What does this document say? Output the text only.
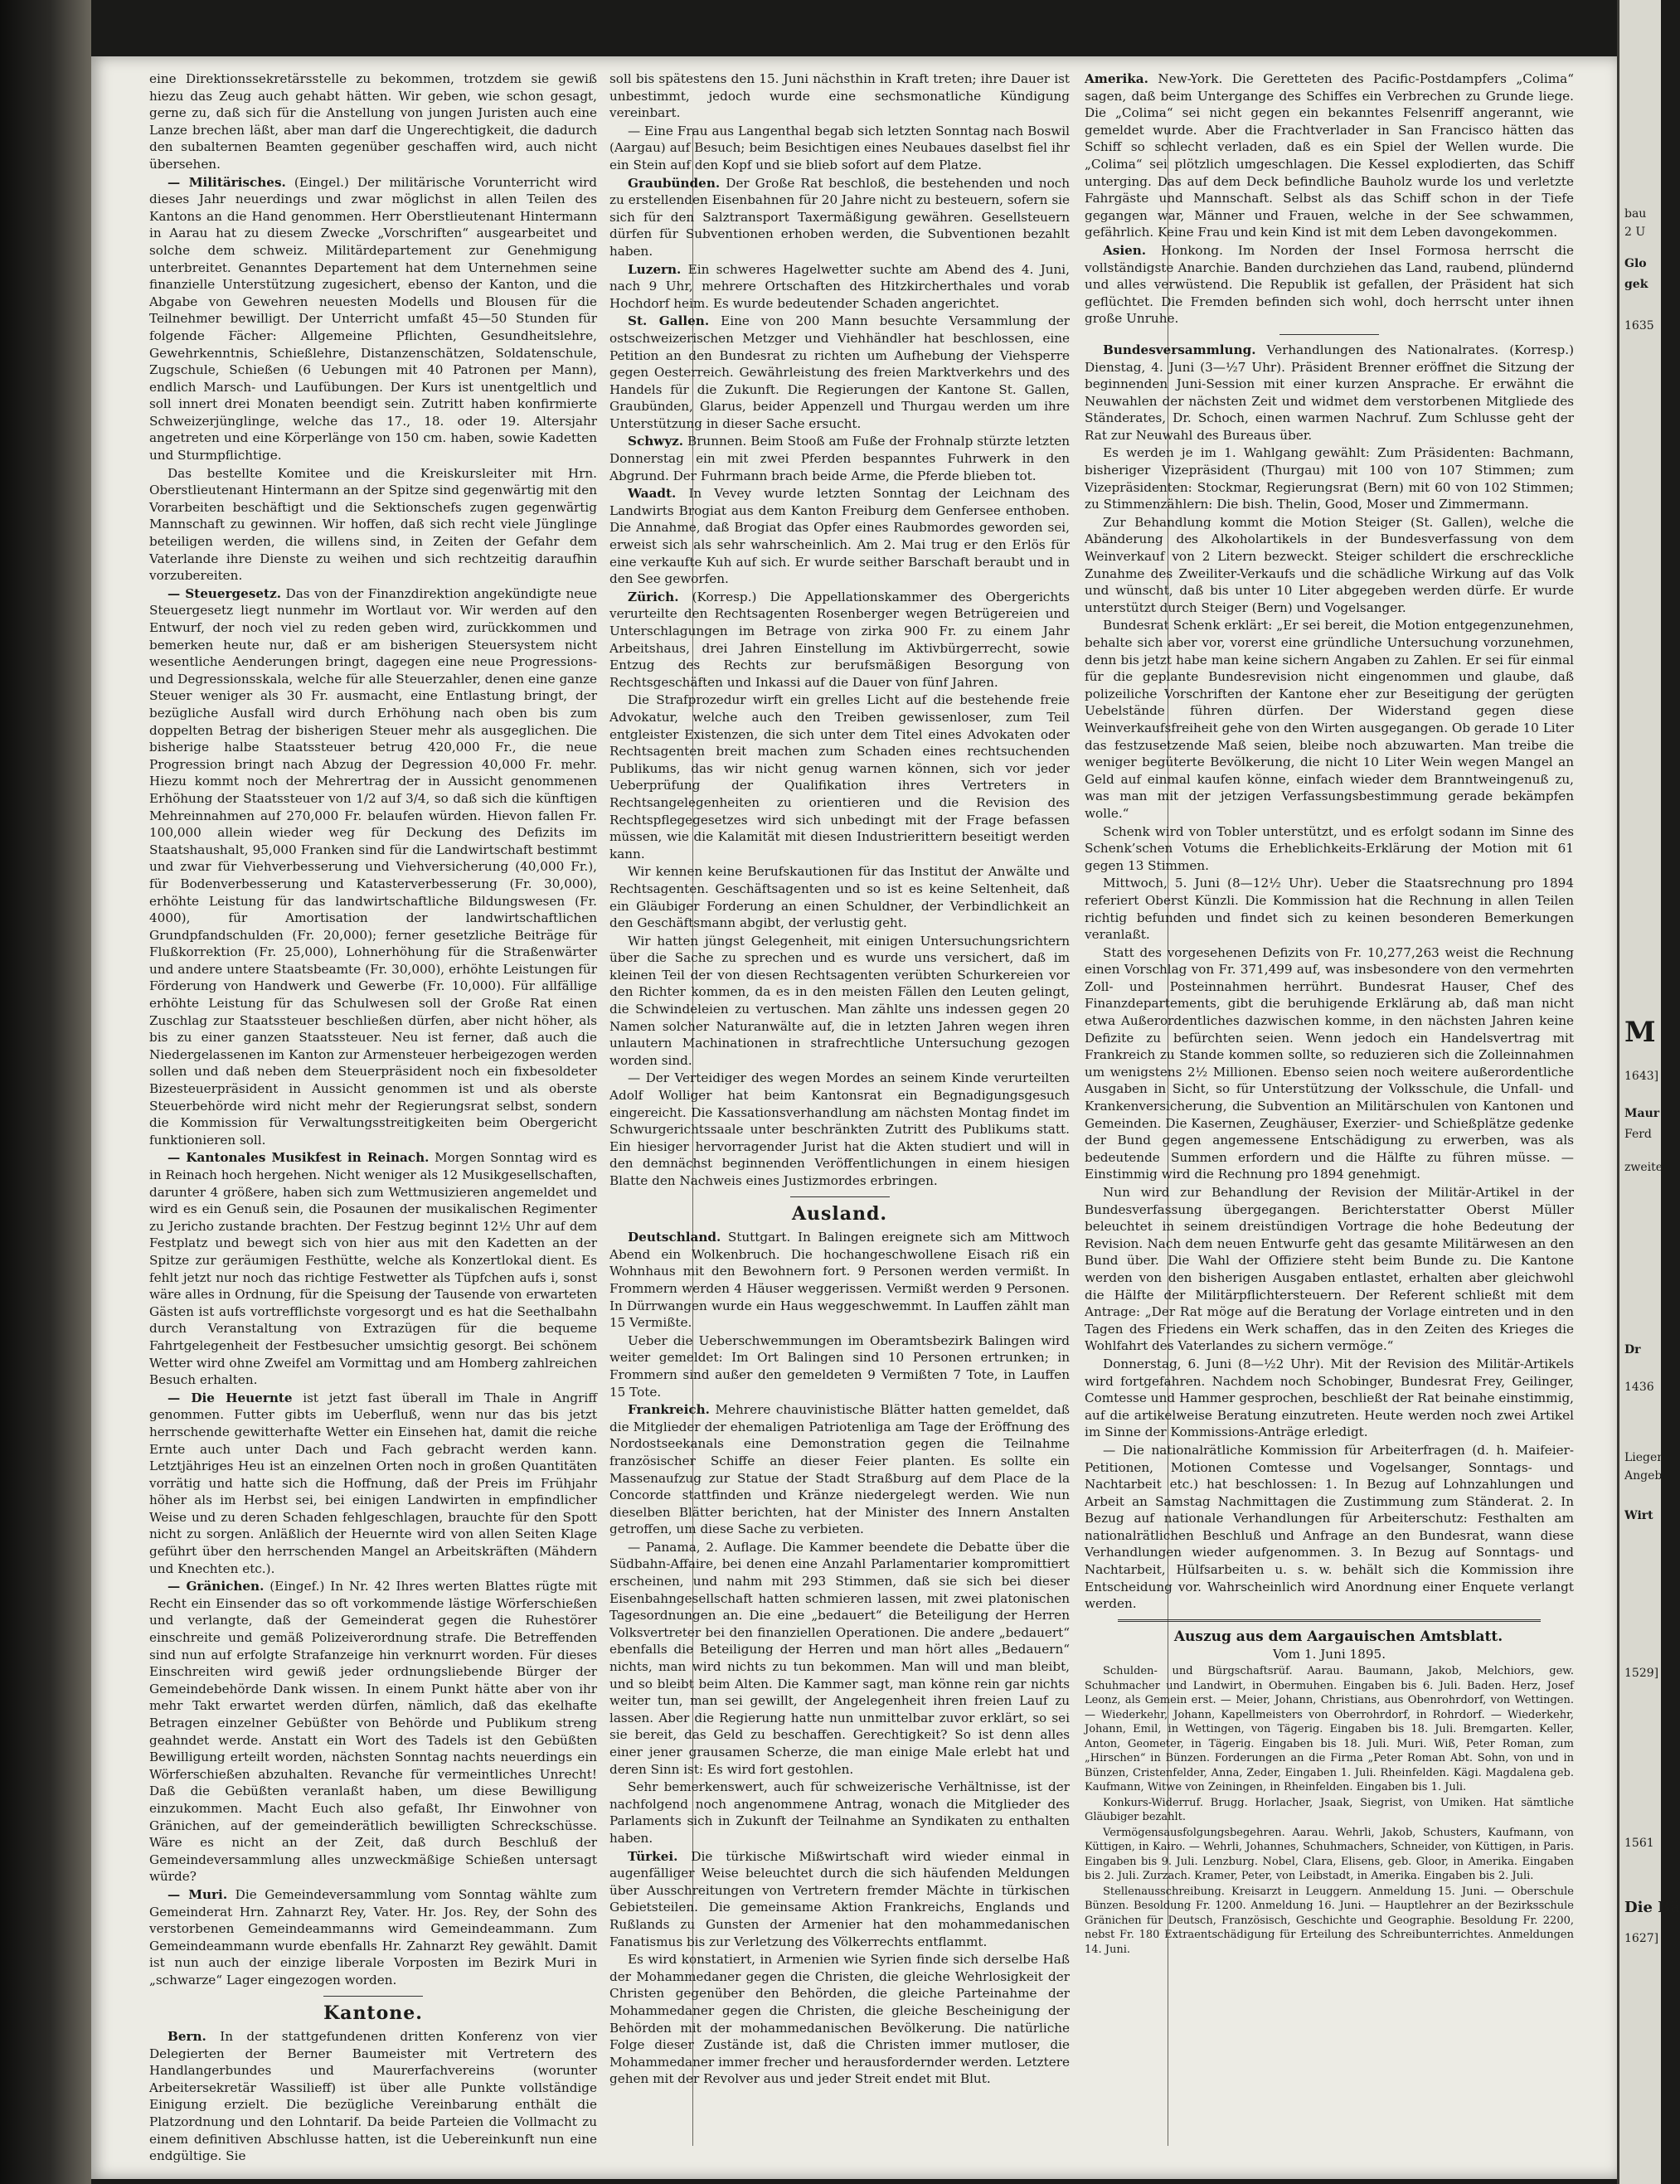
eine Direktionssekretärsstelle zu bekommen, trotzdem sie gewiß hiezu das Zeug auch gehabt hätten. Wir geben, wie schon gesagt, gerne zu, daß sich für die Anstellung von jungen Juristen auch eine Lanze brechen läßt, aber man darf die Ungerechtigkeit, die dadurch den subalternen Beamten gegenüber geschaffen wird, auch nicht übersehen.

— Militärisches. (Eingel.) Der militärische Vorunterricht wird dieses Jahr neuerdings und zwar möglichst in allen Teilen des Kantons an die Hand genommen. Herr Oberstlieutenant Hintermann in Aarau hat zu diesem Zwecke „Vorschriften“ ausgearbeitet und solche dem schweiz. Militärdepartement zur Genehmigung unterbreitet. Genanntes Departement hat dem Unternehmen seine finanzielle Unterstützung zugesichert, ebenso der Kanton, und die Abgabe von Gewehren neuesten Modells und Blousen für die Teilnehmer bewilligt. Der Unterricht umfaßt 45—50 Stunden für folgende Fächer: Allgemeine Pflichten, Gesundheitslehre, Gewehrkenntnis, Schießlehre, Distanzenschätzen, Soldatenschule, Zugschule, Schießen (6 Uebungen mit 40 Patronen per Mann), endlich Marsch- und Laufübungen. Der Kurs ist unentgeltlich und soll innert drei Monaten beendigt sein. Zutritt haben konfirmierte Schweizerjünglinge, welche das 17., 18. oder 19. Altersjahr angetreten und eine Körperlänge von 150 cm. haben, sowie Kadetten und Sturmpflichtige.

Das bestellte Komitee und die Kreiskursleiter mit Hrn. Oberstlieutenant Hintermann an der Spitze sind gegenwärtig mit den Vorarbeiten beschäftigt und die Sektionschefs zugen gegenwärtig Mannschaft zu gewinnen. Wir hoffen, daß sich recht viele Jünglinge beteiligen werden, die willens sind, in Zeiten der Gefahr dem Vaterlande ihre Dienste zu weihen und sich rechtzeitig daraufhin vorzubereiten.

— Steuergesetz. Das von der Finanzdirektion angekündigte neue Steuergesetz liegt nunmehr im Wortlaut vor. Wir werden auf den Entwurf, der noch viel zu reden geben wird, zurückkommen und bemerken heute nur, daß er am bisherigen Steuersystem nicht wesentliche Aenderungen bringt, dagegen eine neue Progressions- und Degressionsskala, welche für alle Steuerzahler, denen eine ganze Steuer weniger als 30 Fr. ausmacht, eine Entlastung bringt, der bezügliche Ausfall wird durch Erhöhung nach oben bis zum doppelten Betrag der bisherigen Steuer mehr als ausgeglichen. Die bisherige halbe Staatssteuer betrug 420,000 Fr., die neue Progression bringt nach Abzug der Degression 40,000 Fr. mehr. Hiezu kommt noch der Mehrertrag der in Aussicht genommenen Erhöhung der Staatssteuer von 1/2 auf 3/4, so daß sich die künftigen Mehreinnahmen auf 270,000 Fr. belaufen würden. Hievon fallen Fr. 100,000 allein wieder weg für Deckung des Defizits im Staatshaushalt, 95,000 Franken sind für die Landwirtschaft bestimmt und zwar für Viehverbesserung und Viehversicherung (40,000 Fr.), für Bodenverbesserung und Katasterverbesserung (Fr. 30,000), erhöhte Leistung für das landwirtschaftliche Bildungswesen (Fr. 4000), für Amortisation der landwirtschaftlichen Grundpfandschulden (Fr. 20,000); ferner gesetzliche Beiträge für Flußkorrektion (Fr. 25,000), Lohnerhöhung für die Straßenwärter und andere untere Staatsbeamte (Fr. 30,000), erhöhte Leistungen für Förderung von Handwerk und Gewerbe (Fr. 10,000). Für allfällige erhöhte Leistung für das Schulwesen soll der Große Rat einen Zuschlag zur Staatssteuer beschließen dürfen, aber nicht höher, als bis zu einer ganzen Staatssteuer. Neu ist ferner, daß auch die Niedergelassenen im Kanton zur Armensteuer herbeigezogen werden sollen und daß neben dem Steuerpräsident noch ein fixbesoldeter Bizesteuerpräsident in Aussicht genommen ist und als oberste Steuerbehörde wird nicht mehr der Regierungsrat selbst, sondern die Kommission für Verwaltungsstreitigkeiten beim Obergericht funktionieren soll.

— Kantonales Musikfest in Reinach. Morgen Sonntag wird es in Reinach hoch hergehen. Nicht weniger als 12 Musikgesellschaften, darunter 4 größere, haben sich zum Wettmusizieren angemeldet und wird es ein Genuß sein, die Posaunen der musikalischen Regimenter zu Jericho zustande brachten. Der Festzug beginnt 12½ Uhr auf dem Festplatz und bewegt sich von hier aus mit den Kadetten an der Spitze zur geräumigen Festhütte, welche als Konzertlokal dient. Es fehlt jetzt nur noch das richtige Festwetter als Tüpfchen aufs i, sonst wäre alles in Ordnung, für die Speisung der Tausende von erwarteten Gästen ist aufs vortrefflichste vorgesorgt und es hat die Seethalbahn durch Veranstaltung von Extrazügen für die bequeme Fahrtgelegenheit der Festbesucher umsichtig gesorgt. Bei schönem Wetter wird ohne Zweifel am Vormittag und am Homberg zahlreichen Besuch erhalten.

— Die Heuernte ist jetzt fast überall im Thale in Angriff genommen. Futter gibts im Ueberfluß, wenn nur das bis jetzt herrschende gewitterhafte Wetter ein Einsehen hat, damit die reiche Ernte auch unter Dach und Fach gebracht werden kann. Letztjähriges Heu ist an einzelnen Orten noch in großen Quantitäten vorrätig und hatte sich die Hoffnung, daß der Preis im Frühjahr höher als im Herbst sei, bei einigen Landwirten in empfindlicher Weise und zu deren Schaden fehlgeschlagen, brauchte für den Spott nicht zu sorgen. Anläßlich der Heuernte wird von allen Seiten Klage geführt über den herrschenden Mangel an Arbeitskräften (Mähdern und Knechten etc.).

— Gränichen. (Eingef.) In Nr. 42 Ihres werten Blattes rügte mit Recht ein Einsender das so oft vorkommende lästige Wörferschießen und verlangte, daß der Gemeinderat gegen die Ruhestörer einschreite und gemäß Polizeiverordnung strafe. Die Betreffenden sind nun auf erfolgte Strafanzeige hin verknurrt worden. Für dieses Einschreiten wird gewiß jeder ordnungsliebende Bürger der Gemeindebehörde Dank wissen. In einem Punkt hätte aber von ihr mehr Takt erwartet werden dürfen, nämlich, daß das ekelhafte Betragen einzelner Gebüßter von Behörde und Publikum streng geahndet werde. Anstatt ein Wort des Tadels ist den Gebüßten Bewilligung erteilt worden, nächsten Sonntag nachts neuerdings ein Wörferschießen abzuhalten. Revanche für vermeintliches Unrecht! Daß die Gebüßten veranlaßt haben, um diese Bewilligung einzukommen. Macht Euch also gefaßt, Ihr Einwohner von Gränichen, auf der gemeinderätlich bewilligten Schreckschüsse. Wäre es nicht an der Zeit, daß durch Beschluß der Gemeindeversammlung alles unzweckmäßige Schießen untersagt würde?

— Muri. Die Gemeindeversammlung vom Sonntag wählte zum Gemeinderat Hrn. Zahnarzt Rey, Vater. Hr. Jos. Rey, der Sohn des verstorbenen Gemeindeammanns wird Gemeindeammann. Zum Gemeindeammann wurde ebenfalls Hr. Zahnarzt Rey gewählt. Damit ist nun auch der einzige liberale Vorposten im Bezirk Muri in „schwarze“ Lager eingezogen worden.

Kantone.

Bern. In der stattgefundenen dritten Konferenz von vier Delegierten der Berner Baumeister mit Vertretern des Handlangerbundes und Maurerfachvereins (worunter Arbeitersekretär Wassilieff) ist über alle Punkte vollständige Einigung erzielt. Die bezügliche Vereinbarung enthält die Platzordnung und den Lohntarif. Da beide Parteien die Vollmacht zu einem definitiven Abschlusse hatten, ist die Uebereinkunft nun eine endgültige. Sie

soll bis spätestens den 15. Juni nächsthin in Kraft treten; ihre Dauer ist unbestimmt, jedoch wurde eine sechsmonatliche Kündigung vereinbart.

— Eine Frau aus Langenthal begab sich letzten Sonntag nach Boswil (Aargau) auf Besuch; beim Besichtigen eines Neubaues daselbst fiel ihr ein Stein auf den Kopf und sie blieb sofort auf dem Platze.

Graubünden. Der Große Rat beschloß, die bestehenden und noch zu erstellenden Eisenbahnen für 20 Jahre nicht zu besteuern, sofern sie sich für den Salztransport Taxermäßigung gewähren. Gesellsteuern dürfen für Subventionen erhoben werden, die Subventionen bezahlt haben.

Luzern. Ein schweres Hagelwetter suchte am Abend des 4. Juni, nach 9 Uhr, mehrere Ortschaften des Hitzkircherthales und vorab Hochdorf heim. Es wurde bedeutender Schaden angerichtet.

St. Gallen. Eine von 200 Mann besuchte Versammlung der ostschweizerischen Metzger und Viehhändler hat beschlossen, eine Petition an den Bundesrat zu richten um Aufhebung der Viehsperre gegen Oesterreich. Gewährleistung des freien Marktverkehrs und des Handels für die Zukunft. Die Regierungen der Kantone St. Gallen, Graubünden, Glarus, beider Appenzell und Thurgau werden um ihre Unterstützung in dieser Sache ersucht.

Schwyz. Brunnen. Beim Stooß am Fuße der Frohnalp stürzte letzten Donnerstag ein mit zwei Pferden bespanntes Fuhrwerk in den Abgrund. Der Fuhrmann brach beide Arme, die Pferde blieben tot.

Waadt. In Vevey wurde letzten Sonntag der Leichnam des Landwirts Brogiat aus dem Kanton Freiburg dem Genfersee enthoben. Die Annahme, daß Brogiat das Opfer eines Raubmordes geworden sei, erweist sich als sehr wahrscheinlich. Am 2. Mai trug er den Erlös für eine verkaufte Kuh auf sich. Er wurde seither Barschaft beraubt und in den See geworfen.

Zürich. (Korresp.) Die Appellationskammer des Obergerichts verurteilte den Rechtsagenten Rosenberger wegen Betrügereien und Unterschlagungen im Betrage von zirka 900 Fr. zu einem Jahr Arbeitshaus, drei Jahren Einstellung im Aktivbürgerrecht, sowie Entzug des Rechts zur berufsmäßigen Besorgung von Rechtsgeschäften und Inkassi auf die Dauer von fünf Jahren.

Die Strafprozedur wirft ein grelles Licht auf die bestehende freie Advokatur, welche auch den Treiben gewissenloser, zum Teil entgleister Existenzen, die sich unter dem Titel eines Advokaten oder Rechtsagenten breit machen zum Schaden eines rechtsuchenden Publikums, das wir nicht genug warnen können, sich vor jeder Ueberprüfung der Qualifikation ihres Vertreters in Rechtsangelegenheiten zu orientieren und die Revision des Rechtspflegegesetzes wird sich unbedingt mit der Frage befassen müssen, wie die Kalamität mit diesen Industrierittern beseitigt werden kann.

Wir kennen keine Berufskautionen für das Institut der Anwälte und Rechtsagenten. Geschäftsagenten und so ist es keine Seltenheit, daß ein Gläubiger Forderung an einen Schuldner, der Verbindlichkeit an den Geschäftsmann abgibt, der verlustig geht.

Wir hatten jüngst Gelegenheit, mit einigen Untersuchungsrichtern über die Sache zu sprechen und es wurde uns versichert, daß im kleinen Teil der von diesen Rechtsagenten verübten Schurkereien vor den Richter kommen, da es in den meisten Fällen den Leuten gelingt, die Schwindeleien zu vertuschen. Man zählte uns indessen gegen 20 Namen solcher Naturanwälte auf, die in letzten Jahren wegen ihren unlautern Machinationen in strafrechtliche Untersuchung gezogen worden sind.

— Der Verteidiger des wegen Mordes an seinem Kinde verurteilten Adolf Wolliger hat beim Kantonsrat ein Begnadigungsgesuch eingereicht. Die Kassationsverhandlung am nächsten Montag findet im Schwurgerichtssaale unter beschränkten Zutritt des Publikums statt. Ein hiesiger hervorragender Jurist hat die Akten studiert und will in den demnächst beginnenden Veröffentlichungen in einem hiesigen Blatte den Nachweis eines Justizmordes erbringen.

Ausland.

Deutschland. Stuttgart. In Balingen ereignete sich am Mittwoch Abend ein Wolkenbruch. Die hochangeschwollene Eisach riß ein Wohnhaus mit den Bewohnern fort. 9 Personen werden vermißt. In Frommern werden 4 Häuser weggerissen. Vermißt werden 9 Personen. In Dürrwangen wurde ein Haus weggeschwemmt. In Lauffen zählt man 15 Vermißte.

Ueber die Ueberschwemmungen im Oberamtsbezirk Balingen wird weiter gemeldet: Im Ort Balingen sind 10 Personen ertrunken; in Frommern sind außer den gemeldeten 9 Vermißten 7 Tote, in Lauffen 15 Tote.

Frankreich. Mehrere chauvinistische Blätter hatten gemeldet, daß die Mitglieder der ehemaligen Patriotenliga am Tage der Eröffnung des Nordostseekanals eine Demonstration gegen die Teilnahme französischer Schiffe an dieser Feier planten. Es sollte ein Massenaufzug zur Statue der Stadt Straßburg auf dem Place de la Concorde stattfinden und Kränze niedergelegt werden. Wie nun dieselben Blätter berichten, hat der Minister des Innern Anstalten getroffen, um diese Sache zu verbieten.

— Panama, 2. Auflage. Die Kammer beendete die Debatte über die Südbahn-Affaire, bei denen eine Anzahl Parlamentarier kompromittiert erscheinen, und nahm mit 293 Stimmen, daß sie sich bei dieser Eisenbahngesellschaft hatten schmieren lassen, mit zwei platonischen Tagesordnungen an. Die eine „bedauert“ die Beteiligung der Herren Volksvertreter bei den finanziellen Operationen. Die andere „bedauert“ ebenfalls die Beteiligung der Herren und man hört alles „Bedauern“ nichts, man wird nichts zu tun bekommen. Man will und man bleibt, und so bleibt beim Alten. Die Kammer sagt, man könne rein gar nichts weiter tun, man sei gewillt, der Angelegenheit ihren freien Lauf zu lassen. Aber die Regierung hatte nun unmittelbar zuvor erklärt, so sei sie bereit, das Geld zu beschaffen. Gerechtigkeit? So ist denn alles einer jener grausamen Scherze, die man einige Male erlebt hat und deren Sinn ist: Es wird fort gestohlen.

Sehr bemerkenswert, auch für schweizerische Verhältnisse, ist der nachfolgend noch angenommene Antrag, wonach die Mitglieder des Parlaments sich in Zukunft der Teilnahme an Syndikaten zu enthalten haben.

Türkei. Die türkische Mißwirtschaft wird wieder einmal in augenfälliger Weise beleuchtet durch die sich häufenden Meldungen über Ausschreitungen von Vertretern fremder Mächte in türkischen Gebietsteilen. Die gemeinsame Aktion Frankreichs, Englands und Rußlands zu Gunsten der Armenier hat den mohammedanischen Fanatismus bis zur Verletzung des Völkerrechts entflammt.

Es wird konstatiert, in Armenien wie Syrien finde sich derselbe Haß der Mohammedaner gegen die Christen, die gleiche Wehrlosigkeit der Christen gegenüber den Behörden, die gleiche Parteinahme der Mohammedaner gegen die Christen, die gleiche Bescheinigung der Behörden mit der mohammedanischen Bevölkerung. Die natürliche Folge dieser Zustände ist, daß die Christen immer mutloser, die Mohammedaner immer frecher und herausfordernder werden. Letztere gehen mit der Revolver aus und jeder Streit endet mit Blut.

Amerika. New-York. Die Geretteten des Pacific-Postdampfers „Colima“ sagen, daß beim Untergange des Schiffes ein Verbrechen zu Grunde liege. Die „Colima“ sei nicht gegen ein bekanntes Felsenriff angerannt, wie gemeldet wurde. Aber die Frachtverlader in San Francisco hätten das Schiff so schlecht verladen, daß es ein Spiel der Wellen wurde. Die „Colima“ sei plötzlich umgeschlagen. Die Kessel explodierten, das Schiff unterging. Das auf dem Deck befindliche Bauholz wurde los und verletzte Fahrgäste und Mannschaft. Selbst als das Schiff schon in der Tiefe gegangen war, Männer und Frauen, welche in der See schwammen, gefährlich. Keine Frau und kein Kind ist mit dem Leben davongekommen.

Asien. Honkong. Im Norden der Insel Formosa herrscht die vollständigste Anarchie. Banden durchziehen das Land, raubend, plündernd und alles verwüstend. Die Republik ist gefallen, der Präsident hat sich geflüchtet. Die Fremden befinden sich wohl, doch herrscht unter ihnen große Unruhe.

Bundesversammlung. Verhandlungen des Nationalrates. (Korresp.) Dienstag, 4. Juni (3—½7 Uhr). Präsident Brenner eröffnet die Sitzung der beginnenden Juni-Session mit einer kurzen Ansprache. Er erwähnt die Neuwahlen der nächsten Zeit und widmet dem verstorbenen Mitgliede des Ständerates, Dr. Schoch, einen warmen Nachruf. Zum Schlusse geht der Rat zur Neuwahl des Bureaus über.

Es werden je im 1. Wahlgang gewählt: Zum Präsidenten: Bachmann, bisheriger Vizepräsident (Thurgau) mit 100 von 107 Stimmen; zum Vizepräsidenten: Stockmar, Regierungsrat (Bern) mit 60 von 102 Stimmen; zu Stimmenzählern: Die bish. Thelin, Good, Moser und Zimmermann.

Zur Behandlung kommt die Motion Steiger (St. Gallen), welche die Abänderung des Alkoholartikels in der Bundesverfassung von dem Weinverkauf von 2 Litern bezweckt. Steiger schildert die erschreckliche Zunahme des Zweiliter-Verkaufs und die schädliche Wirkung auf das Volk und wünscht, daß bis unter 10 Liter abgegeben werden dürfe. Er wurde unterstützt durch Steiger (Bern) und Vogelsanger.

Bundesrat Schenk erklärt: „Er sei bereit, die Motion entgegenzunehmen, behalte sich aber vor, vorerst eine gründliche Untersuchung vorzunehmen, denn bis jetzt habe man keine sichern Angaben zu Zahlen. Er sei für einmal für die geplante Bundesrevision nicht eingenommen und glaube, daß polizeiliche Vorschriften der Kantone eher zur Beseitigung der gerügten Uebelstände führen dürfen. Der Widerstand gegen diese Weinverkaufsfreiheit gehe von den Wirten ausgegangen. Ob gerade 10 Liter das festzusetzende Maß seien, bleibe noch abzuwarten. Man treibe die weniger begüterte Bevölkerung, die nicht 10 Liter Wein wegen Mangel an Geld auf einmal kaufen könne, einfach wieder dem Branntweingenuß zu, was man mit der jetzigen Verfassungsbestimmung gerade bekämpfen wolle.“

Schenk wird von Tobler unterstützt, und es erfolgt sodann im Sinne des Schenk’schen Votums die Erheblichkeits-Erklärung der Motion mit 61 gegen 13 Stimmen.

Mittwoch, 5. Juni (8—12½ Uhr). Ueber die Staatsrechnung pro 1894 referiert Oberst Künzli. Die Kommission hat die Rechnung in allen Teilen richtig befunden und findet sich zu keinen besonderen Bemerkungen veranlaßt.

Statt des vorgesehenen Defizits von Fr. 10,277,263 weist die Rechnung einen Vorschlag von Fr. 371,499 auf, was insbesondere von den vermehrten Zoll- und Posteinnahmen herrührt. Bundesrat Hauser, Chef des Finanzdepartements, gibt die beruhigende Erklärung ab, daß man nicht etwa Außerordentliches dazwischen komme, in den nächsten Jahren keine Defizite zu befürchten seien. Wenn jedoch ein Handelsvertrag mit Frankreich zu Stande kommen sollte, so reduzieren sich die Zolleinnahmen um wenigstens 2½ Millionen. Ebenso seien noch weitere außerordentliche Ausgaben in Sicht, so für Unterstützung der Volksschule, die Unfall- und Krankenversicherung, die Subvention an Militärschulen von Kantonen und Gemeinden. Die Kasernen, Zeughäuser, Exerzier- und Schießplätze gedenke der Bund gegen angemessene Entschädigung zu erwerben, was als bedeutende Summen erfordern und die Hälfte zu führen müsse. — Einstimmig wird die Rechnung pro 1894 genehmigt.

Nun wird zur Behandlung der Revision der Militär-Artikel in der Bundesverfassung übergegangen. Berichterstatter Oberst Müller beleuchtet in seinem dreistündigen Vortrage die hohe Bedeutung der Revision. Nach dem neuen Entwurfe geht das gesamte Militärwesen an den Bund über. Die Wahl der Offiziere steht beim Bunde zu. Die Kantone werden von den bisherigen Ausgaben entlastet, erhalten aber gleichwohl die Hälfte der Militärpflichtersteuern. Der Referent schließt mit dem Antrage: „Der Rat möge auf die Beratung der Vorlage eintreten und in den Tagen des Friedens ein Werk schaffen, das in den Zeiten des Krieges die Wohlfahrt des Vaterlandes zu sichern vermöge.“

Donnerstag, 6. Juni (8—½2 Uhr). Mit der Revision des Militär-Artikels wird fortgefahren. Nachdem noch Schobinger, Bundesrat Frey, Geilinger, Comtesse und Hammer gesprochen, beschließt der Rat beinahe einstimmig, auf die artikelweise Beratung einzutreten. Heute werden noch zwei Artikel im Sinne der Kommissions-Anträge erledigt.

— Die nationalrätliche Kommission für Arbeiterfragen (d. h. Maifeier-Petitionen, Motionen Comtesse und Vogelsanger, Sonntags- und Nachtarbeit etc.) hat beschlossen: 1. In Bezug auf Lohnzahlungen und Arbeit an Samstag Nachmittagen die Zustimmung zum Ständerat. 2. In Bezug auf nationale Verhandlungen für Arbeiterschutz: Festhalten am nationalrätlichen Beschluß und Anfrage an den Bundesrat, wann diese Verhandlungen wieder aufgenommen. 3. In Bezug auf Sonntags- und Nachtarbeit, Hülfsarbeiten u. s. w. behält sich die Kommission ihre Entscheidung vor. Wahrscheinlich wird Anordnung einer Enquete verlangt werden.

Auszug aus dem Aargauischen Amtsblatt.

Vom 1. Juni 1895.

Schulden- und Bürgschaftsrüf. Aarau. Baumann, Jakob, Melchiors, gew. Schuhmacher und Landwirt, in Obermuhen. Eingaben bis 6. Juli. Baden. Herz, Josef Leonz, als Gemein erst. — Meier, Johann, Christians, aus Obenrohrdorf, von Wettingen. — Wiederkehr, Johann, Kapellmeisters von Oberrohrdorf, in Rohrdorf. — Wiederkehr, Johann, Emil, in Wettingen, von Tägerig. Eingaben bis 18. Juli. Bremgarten. Keller, Anton, Geometer, in Tägerig. Eingaben bis 18. Juli. Muri. Wiß, Peter Roman, zum „Hirschen“ in Bünzen. Forderungen an die Firma „Peter Roman Abt. Sohn, von und in Bünzen, Cristenfelder, Anna, Zeder, Eingaben 1. Juli. Rheinfelden. Kägi. Magdalena geb. Kaufmann, Witwe von Zeiningen, in Rheinfelden. Eingaben bis 1. Juli.

Konkurs-Widerruf. Brugg. Horlacher, Jsaak, Siegrist, von Umiken. Hat sämtliche Gläubiger bezahlt.

Vermögensausfolgungsbegehren. Aarau. Wehrli, Jakob, Schusters, Kaufmann, von Küttigen, in Kairo. — Wehrli, Johannes, Schuhmachers, Schneider, von Küttigen, in Paris. Eingaben bis 9. Juli. Lenzburg. Nobel, Clara, Elisens, geb. Gloor, in Amerika. Eingaben bis 2. Juli. Zurzach. Kramer, Peter, von Leibstadt, in Amerika. Eingaben bis 2. Juli.

Stellenausschreibung. Kreisarzt in Leuggern. Anmeldung 15. Juni. — Oberschule Bünzen. Besoldung Fr. 1200. Anmeldung 16. Juni. — Hauptlehrer an der Bezirksschule Gränichen für Deutsch, Französisch, Geschichte und Geographie. Besoldung Fr. 2200, nebst Fr. 180 Extraentschädigung für Erteilung des Schreibunterrichtes. Anmeldungen 14. Juni.

bau
2 U
Glo
gek
1635
M
1643]
Maur
Ferd
zweite
Dr
1436
Liegen
Angebo
Wirt
1529]
1561
Die Bä
1627]
